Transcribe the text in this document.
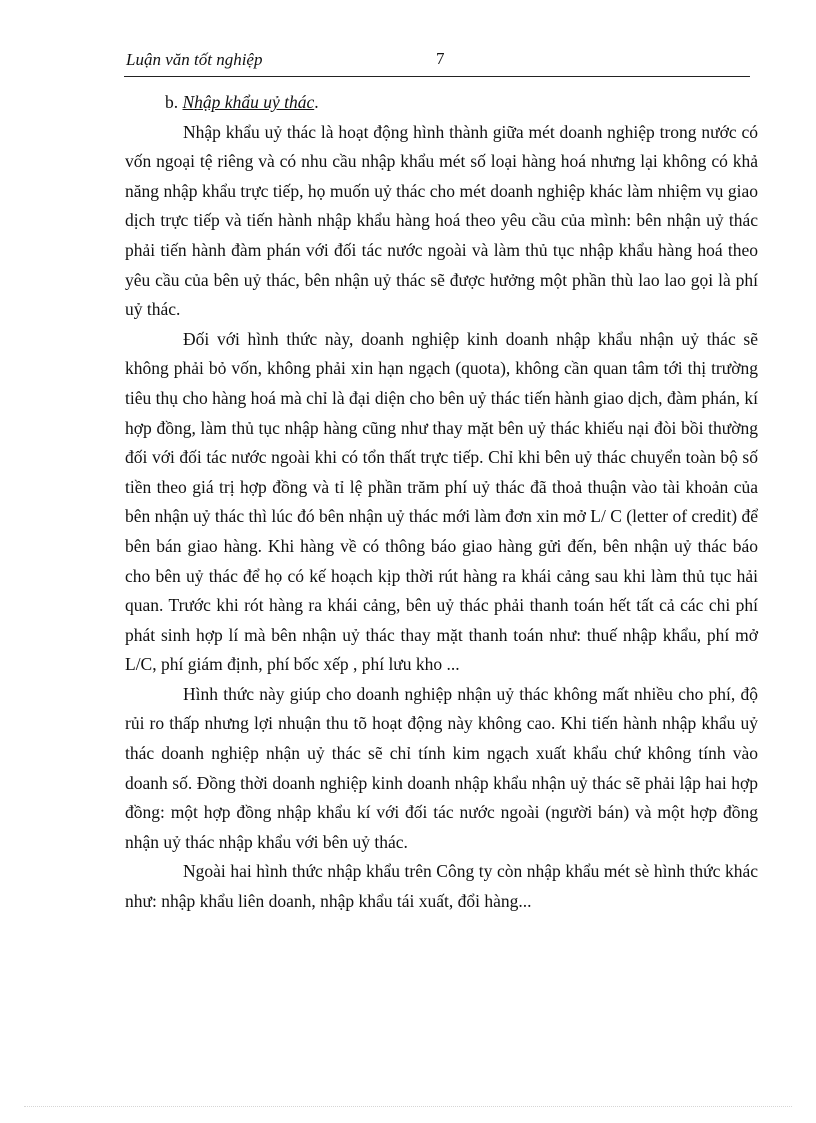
Luận văn tốt nghiệp	7

b. Nhập khẩu uỷ thác.

Nhập khẩu uỷ thác là hoạt động hình thành giữa mét doanh nghiệp trong nước có vốn ngoại tệ riêng và có nhu cầu nhập khẩu mét số loại hàng hoá nhưng lại không có khả năng nhập khẩu trực tiếp, họ muốn uỷ thác cho mét doanh nghiệp khác làm nhiệm vụ giao dịch trực tiếp và tiến hành nhập khẩu hàng hoá theo yêu cầu của mình: bên nhận uỷ thác phải tiến hành đàm phán với đối tác nước ngoài và làm thủ tục nhập khẩu hàng hoá theo yêu cầu của bên uỷ thác, bên nhận uỷ thác sẽ được hưởng một phần thù lao lao gọi là phí uỷ thác.

Đối với hình thức này, doanh nghiệp kinh doanh nhập khẩu nhận uỷ thác sẽ không phải bỏ vốn, không phải xin hạn ngạch (quota), không cần quan tâm tới thị trường tiêu thụ cho hàng hoá mà chỉ là đại diện cho bên uỷ thác tiến hành giao dịch, đàm phán, kí hợp đồng, làm thủ tục nhập hàng cũng như thay mặt bên uỷ thác khiếu nại đòi bồi thường đối với đối tác nước ngoài khi có tổn thất trực tiếp. Chỉ khi bên uỷ thác chuyển toàn bộ số tiền theo giá trị hợp đồng và tỉ lệ phần trăm phí uỷ thác đã thoả thuận vào tài khoản của bên nhận uỷ thác thì lúc đó bên nhận uỷ thác mới làm đơn xin mở L/ C (letter of credit) để bên bán giao hàng. Khi hàng về có thông báo giao hàng gửi đến, bên nhận uỷ thác báo cho bên uỷ thác để họ có kế hoạch kịp thời rút hàng ra khái cảng sau khi làm thủ tục hải quan. Trước khi rót hàng ra khái cảng, bên uỷ thác phải thanh toán hết tất cả các chi phí phát sinh hợp lí mà bên nhận uỷ thác thay mặt thanh toán như: thuế nhập khẩu, phí mở L/C, phí giám định, phí bốc xếp , phí lưu kho ...

Hình thức này giúp cho doanh nghiệp nhận uỷ thác không mất nhiều cho phí, độ rủi ro thấp nhưng lợi nhuận thu tõ hoạt động này không cao. Khi tiến hành nhập khẩu uỷ thác doanh nghiệp nhận uỷ thác sẽ chỉ tính kim ngạch xuất khẩu chứ không tính vào doanh số. Đồng thời doanh nghiệp kinh doanh nhập khẩu nhận uỷ thác sẽ phải lập hai hợp đồng: một hợp đồng nhập khẩu kí với đối tác nước ngoài (người bán) và một hợp đồng nhận uỷ thác nhập khẩu với bên uỷ thác.

Ngoài hai hình thức nhập khẩu trên Công ty còn nhập khẩu mét sè hình thức khác như: nhập khẩu liên doanh, nhập khẩu tái xuất, đổi hàng...
